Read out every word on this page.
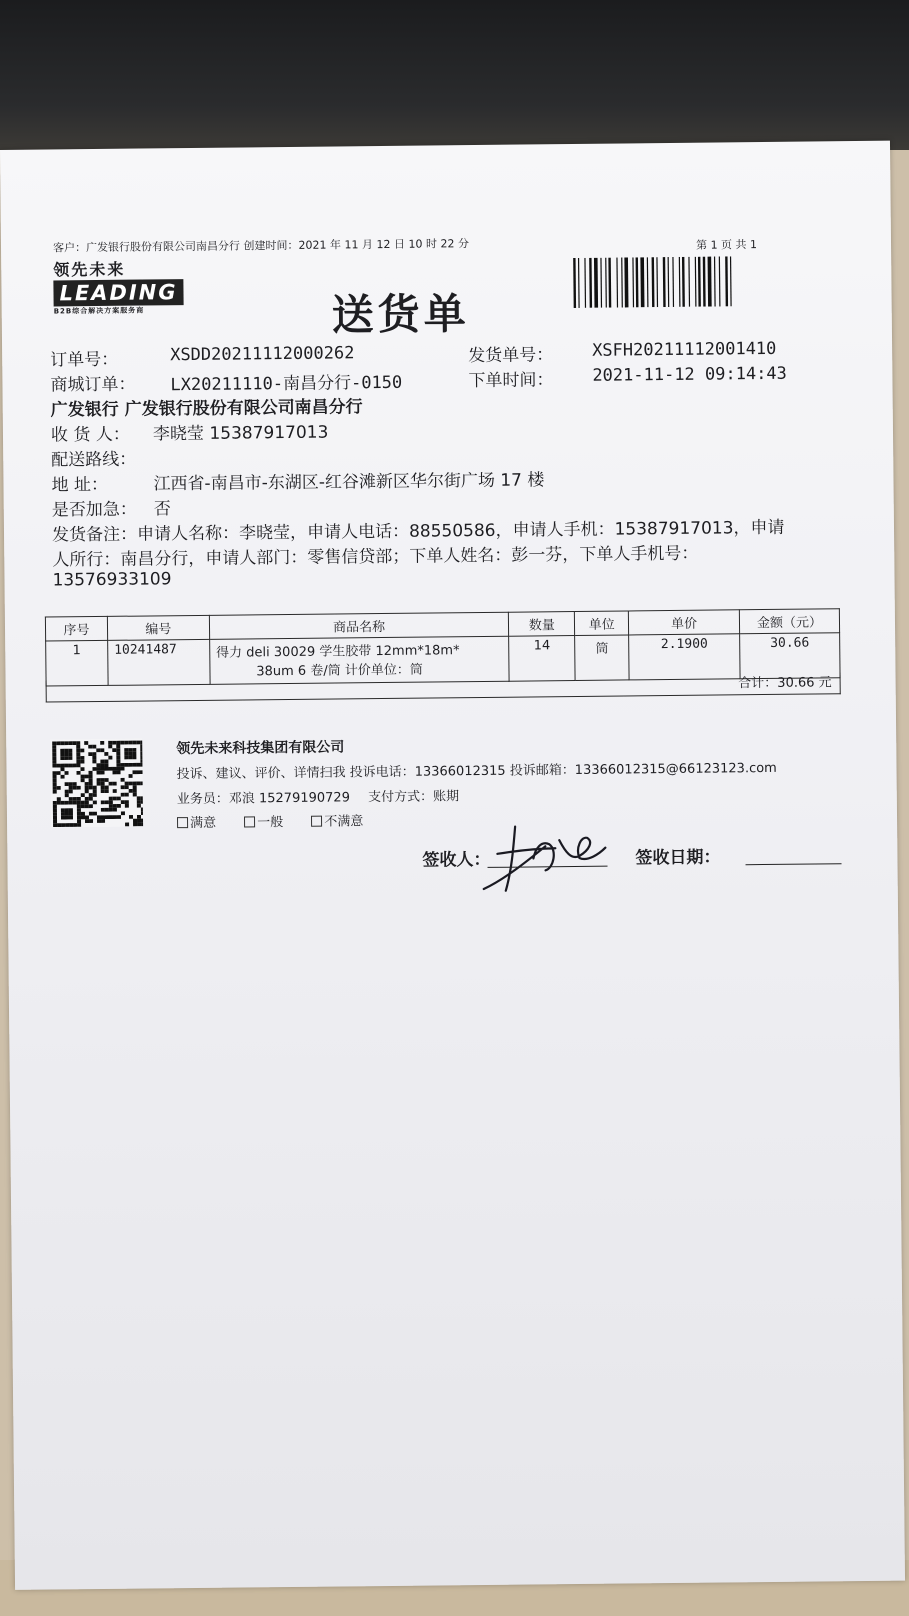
客户：广发银行股份有限公司南昌分行 创建时间：2021 年 11 月 12 日 10 时 22 分	第 1 页 共 1
领先未来
LEADING
B2B综合解决方案服务商	送货单
订单号：	XSDD20211112000262	发货单号： XSFH20211112001410
商城订单： LX20211110-南昌分行-0150	下单时间： 2021-11-12 09:14:43
广发银行 广发银行股份有限公司南昌分行
收 货 人： 李晓莹 15387917013
配送路线：
地 址：	江西省-南昌市-东湖区-红谷滩新区华尔街广场 17 楼
是否加急： 否
发货备注：申请人名称：李晓莹，申请人电话：88550586，申请人手机：15387917013，申请
人所行：南昌分行，申请人部门：零售信贷部；下单人姓名：彭一芬，下单人手机号：
13576933109
序号	编号	商品名称	数量	单位	单价	金额（元）
1	10241487	得力 deli 30029 学生胶带 12mm*18m*
38um 6 卷/筒 计价单位：筒	14	筒	2.1900	30.66
合计：30.66 元
领先未来科技集团有限公司
投诉、建议、评价、详情扫我 投诉电话：13366012315 投诉邮箱：13366012315@66123123.com
业务员：邓浪 15279190729 支付方式：账期
满意	一般	不满意
签收人：	签收日期：
